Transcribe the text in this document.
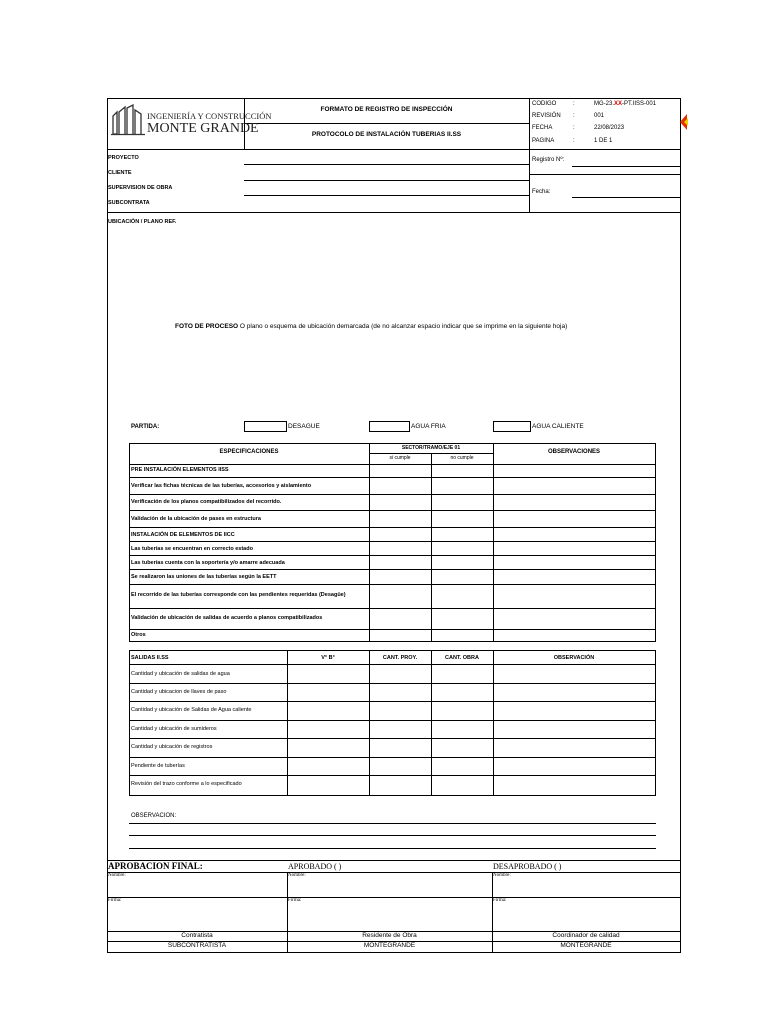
INGENIERÍA Y CONSTRUCCIÓN
MONTE GRANDE
FORMATO DE REGISTRO DE INSPECCIÓN
PROTOCOLO DE INSTALACIÓN TUBERIAS II.SS
CODIGO	:	MG-23.XX-PT.IISS-001
REVISIÓN :	001
FECHA	:	22/08/2023
PAGINA	:	1 DE 1
PROYECTO
CLIENTE
SUPERVISION DE OBRA
SUBCONTRATA
Registro Nº:
Fecha:
UBICACIÓN / PLANO REF.
FOTO DE PROCESO O plano o esquema de ubicación demarcada (de no alcanzar espacio indicar que se imprime en la siguiente hoja)
PARTIDA:	DESAGUE	AGUA FRIA	AGUA CALIENTE
ESPECIFICACIONES
SECTOR/TRAMO/EJE 01
si cumple	no cumple
OBSERVACIONES
PRE INSTALACIÓN ELEMENTOS IISS
Verificar las fichas técnicas de las tuberías, accesorios y aislamiento
Verificación de los planos compatibilizados del recorrido.
Validación de la ubicación de pases en estructura
INSTALACIÓN DE ELEMENTOS DE IICC
Las tuberías se encuentran en correcto estado
Las tuberías cuenta con la soportería y/o amarre adecuada
Se realizaron las uniones de las tuberías según la EETT
El recorrido de las tuberías corresponde con las pendientes requeridas (Desagüe)
Validación de ubicación de salidas de acuerdo a planos compatibilizados
Otros
SALIDAS II.SS	V° B°	CANT. PROY.	CANT. OBRA	OBSERVACIÓN
Cantidad y ubicación de salidas de agua
Cantidad y ubicacion de llaves de paso
Cantidad y ubicación de Salidas de Agua caliente
Cantidad y ubicación de sumideros
Cantidad y ubicación de registros
Pendiente de tuberías
Revisión del trazo conforme a lo especificado
OBSERVACION:
APROBACION FINAL:	APROBADO ( )	DESAPROBADO ( )
Nombre:	Nombre:	Nombre:
Firma:	Firma:	Firma:
Contratista	Residente de Obra	Coordinador de calidad
SUBCONTRATISTA	MONTEGRANDE	MONTEGRANDE
